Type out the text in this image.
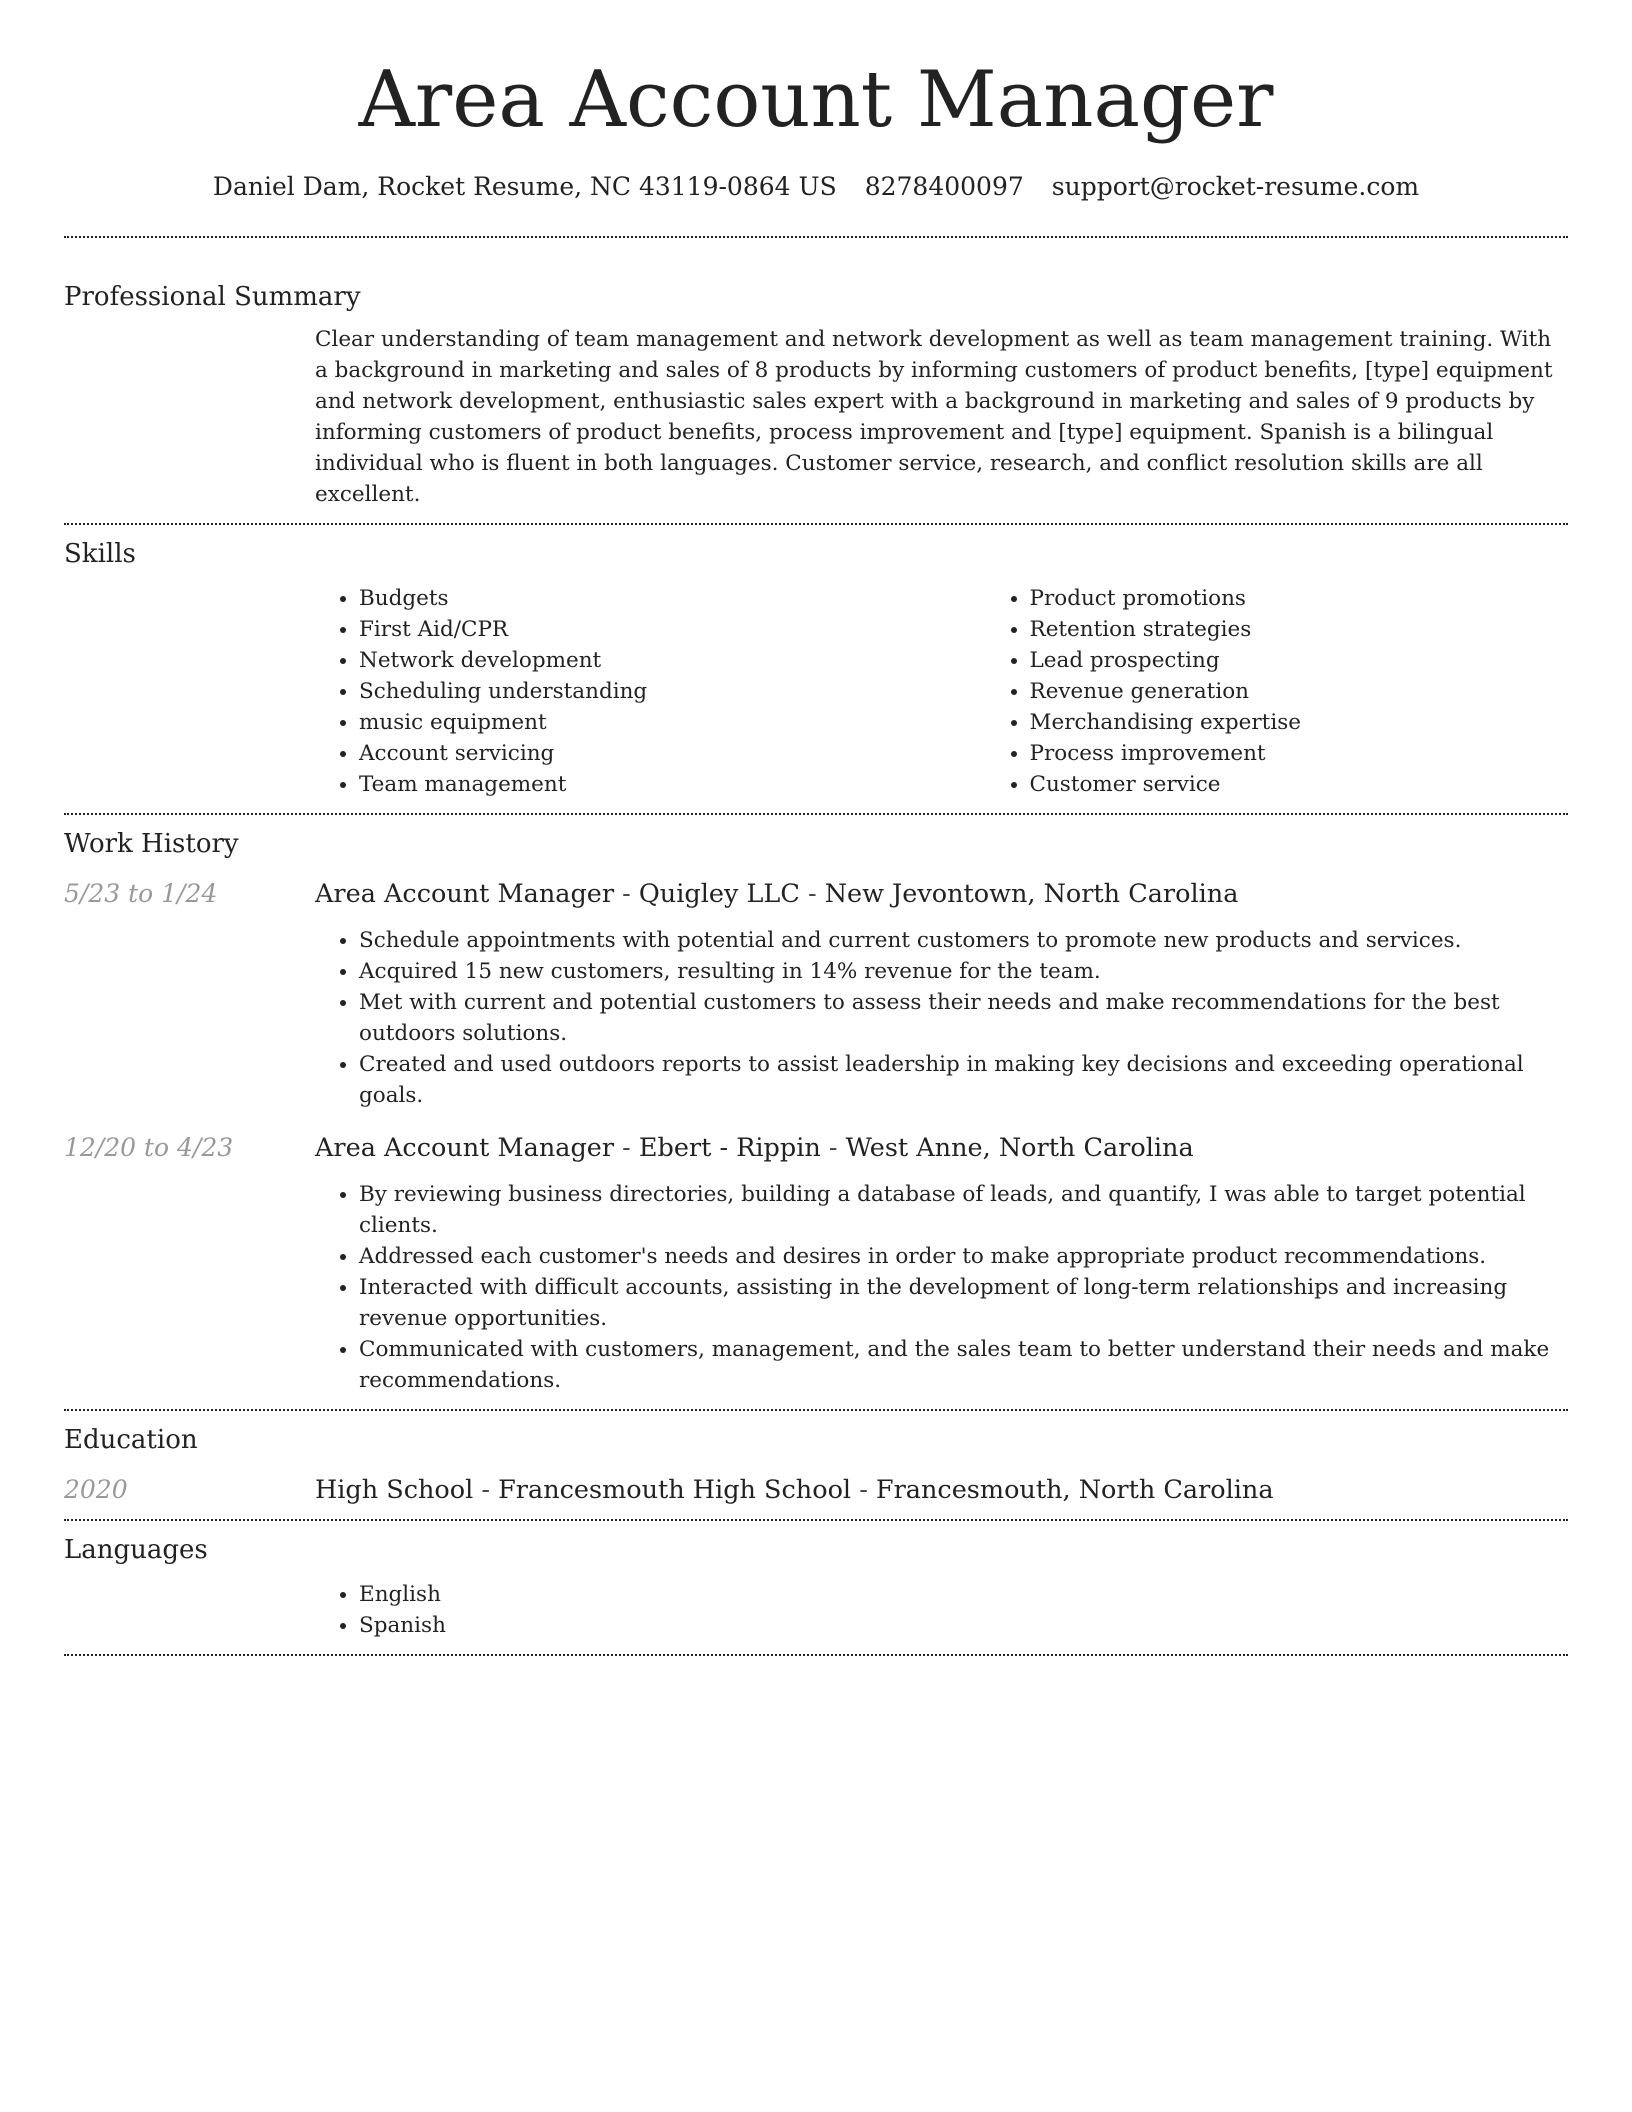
Area Account Manager
Daniel Dam, Rocket Resume, NC 43119-0864 US 8278400097 support@rocket-resume.com
Professional Summary

Clear understanding of team management and network development as well as team management training. With a background in marketing and sales of 8 products by informing customers of product benefits, [type] equipment and network development, enthusiastic sales expert with a background in marketing and sales of 9 products by informing customers of product benefits, process improvement and [type] equipment. Spanish is a bilingual individual who is fluent in both languages. Customer service, research, and conflict resolution skills are all excellent.

Skills
• Budgets
• First Aid/CPR
• Network development
• Scheduling understanding
• music equipment
• Account servicing
• Team management
• Product promotions
• Retention strategies
• Lead prospecting
• Revenue generation
• Merchandising expertise
• Process improvement
• Customer service
Work History
5/23 to 1/24	Area Account Manager - Quigley LLC - New Jevontown, North Carolina
• Schedule appointments with potential and current customers to promote new products and services.
• Acquired 15 new customers, resulting in 14% revenue for the team.
• Met with current and potential customers to assess their needs and make recommendations for the best outdoors solutions.
• Created and used outdoors reports to assist leadership in making key decisions and exceeding operational goals.
12/20 to 4/23	Area Account Manager - Ebert - Rippin - West Anne, North Carolina
• By reviewing business directories, building a database of leads, and quantify, I was able to target potential clients.
• Addressed each customer's needs and desires in order to make appropriate product recommendations.
• Interacted with difficult accounts, assisting in the development of long-term relationships and increasing revenue opportunities.
• Communicated with customers, management, and the sales team to better understand their needs and make recommendations.
Education
2020	High School - Francesmouth High School - Francesmouth, North Carolina
Languages
• English
• Spanish
